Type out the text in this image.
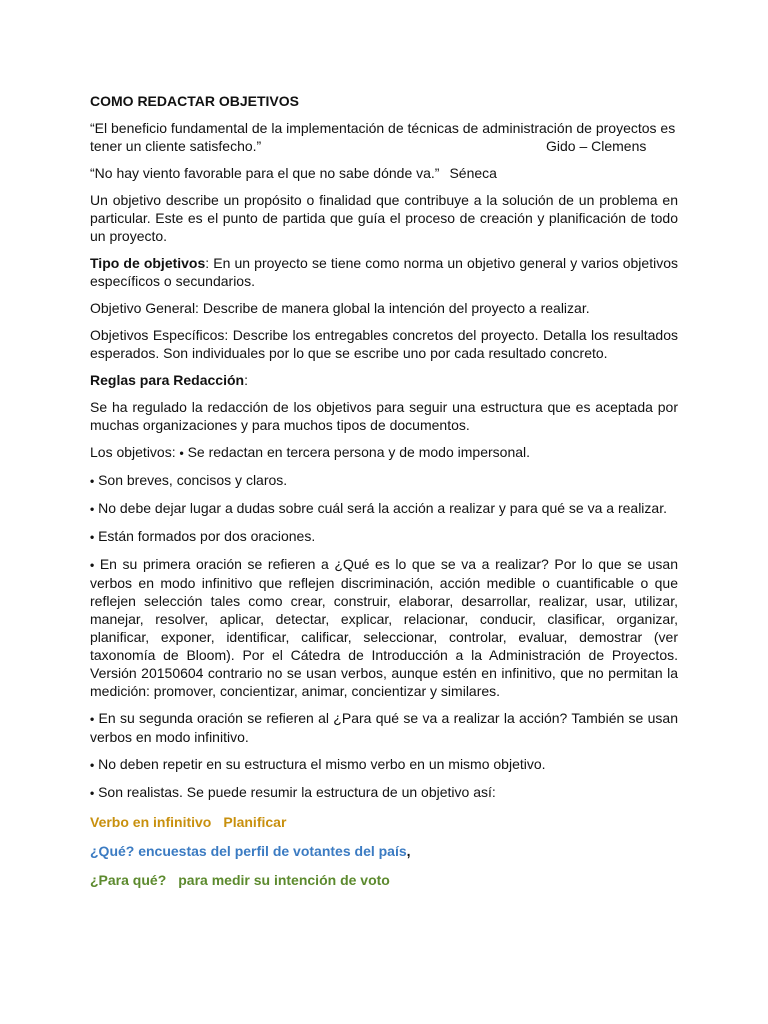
COMO REDACTAR OBJETIVOS
“El beneficio fundamental de la implementación de técnicas de administración de proyectos es tener un cliente satisfecho.”	Gido – Clemens

“No hay viento favorable para el que no sabe dónde va.” Séneca

Un objetivo describe un propósito o finalidad que contribuye a la solución de un problema en particular. Este es el punto de partida que guía el proceso de creación y planificación de todo un proyecto.

Tipo de objetivos: En un proyecto se tiene como norma un objetivo general y varios objetivos específicos o secundarios.

Objetivo General: Describe de manera global la intención del proyecto a realizar.

Objetivos Específicos: Describe los entregables concretos del proyecto. Detalla los resultados esperados. Son individuales por lo que se escribe uno por cada resultado concreto.

Reglas para Redacción:

Se ha regulado la redacción de los objetivos para seguir una estructura que es aceptada por muchas organizaciones y para muchos tipos de documentos.

Los objetivos: • Se redactan en tercera persona y de modo impersonal.

• Son breves, concisos y claros.

• No debe dejar lugar a dudas sobre cuál será la acción a realizar y para qué se va a realizar.

• Están formados por dos oraciones.

• En su primera oración se refieren a ¿Qué es lo que se va a realizar? Por lo que se usan verbos en modo infinitivo que reflejen discriminación, acción medible o cuantificable o que reflejen selección tales como crear, construir, elaborar, desarrollar, realizar, usar, utilizar, manejar, resolver, aplicar, detectar, explicar, relacionar, conducir, clasificar, organizar, planificar, exponer, identificar, calificar, seleccionar, controlar, evaluar, demostrar (ver taxonomía de Bloom). Por el Cátedra de Introducción a la Administración de Proyectos. Versión 20150604 contrario no se usan verbos, aunque estén en infinitivo, que no permitan la medición: promover, concientizar, animar, concientizar y similares.

• En su segunda oración se refieren al ¿Para qué se va a realizar la acción? También se usan verbos en modo infinitivo.

• No deben repetir en su estructura el mismo verbo en un mismo objetivo.

• Son realistas. Se puede resumir la estructura de un objetivo así:

Verbo en infinitivo Planificar

¿Qué? encuestas del perfil de votantes del país,

¿Para qué? para medir su intención de voto
